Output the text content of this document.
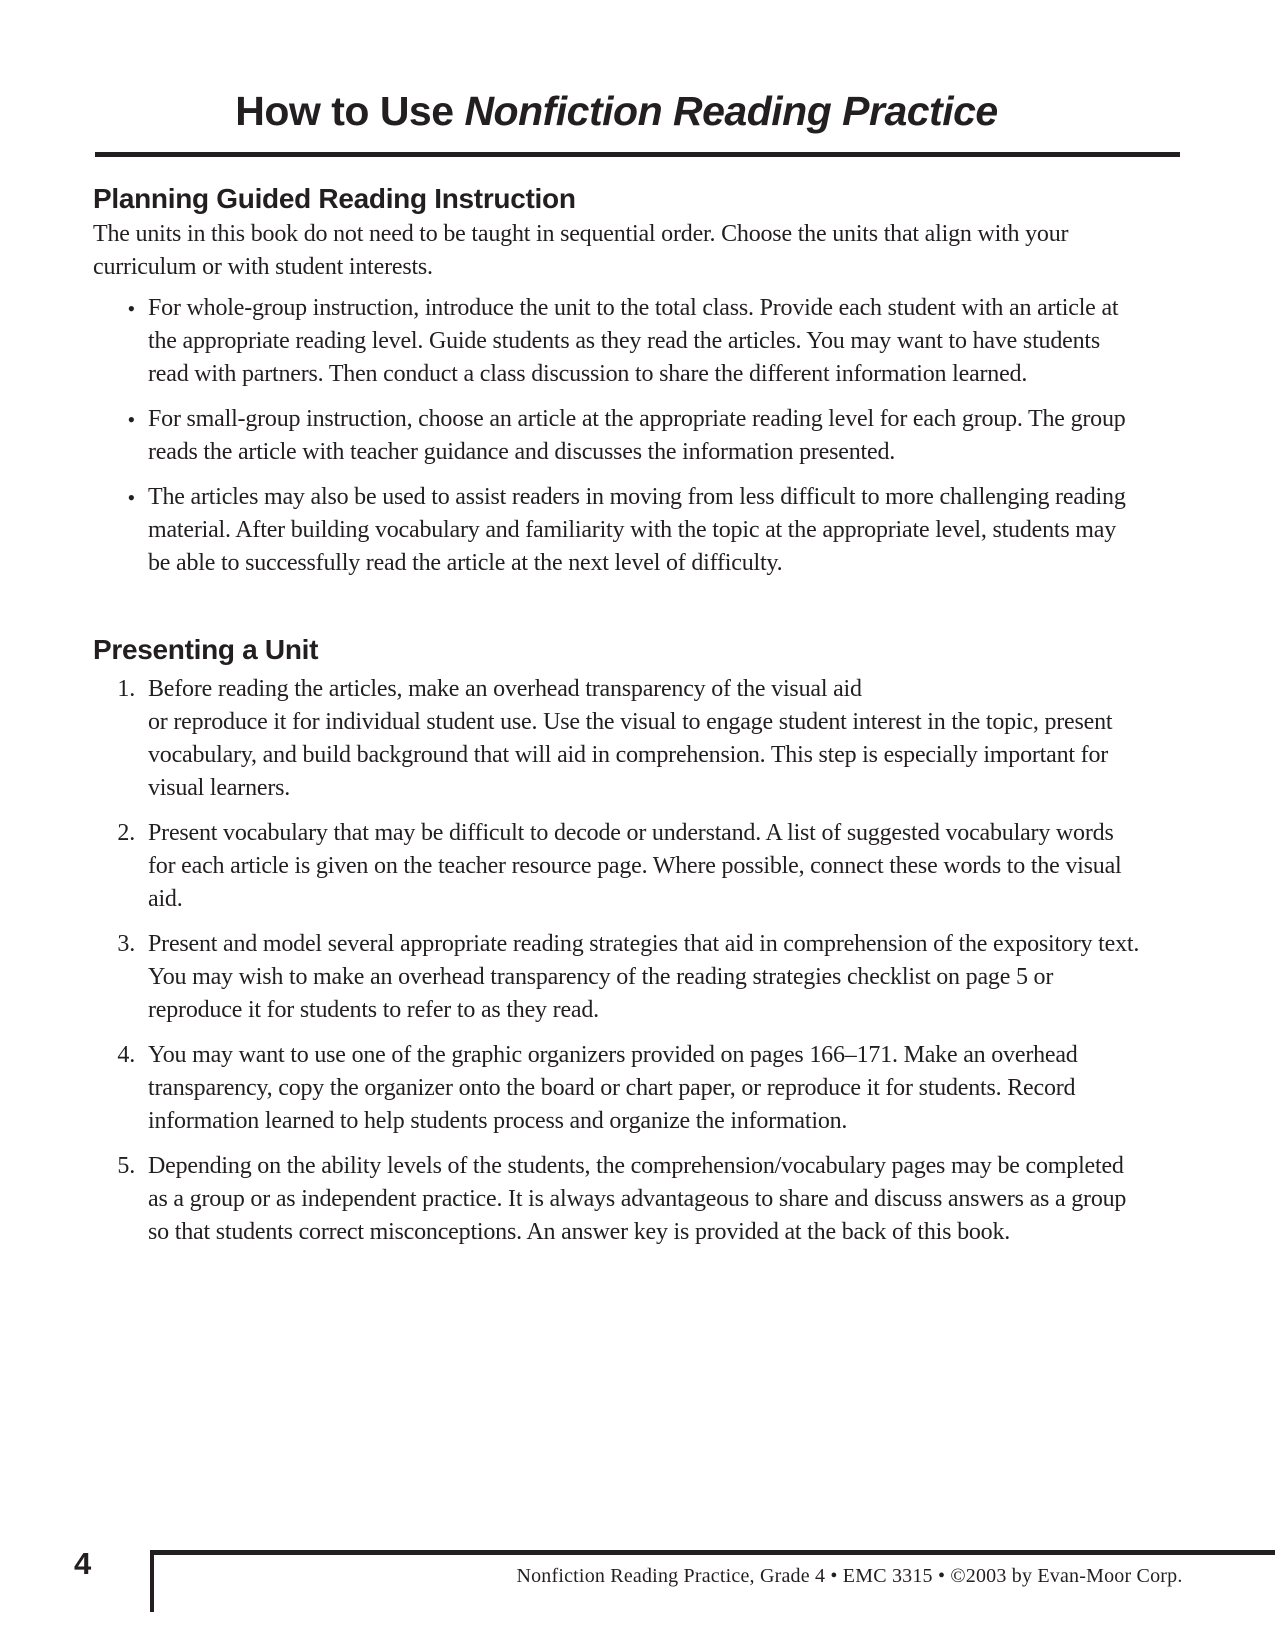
How to Use Nonfiction Reading Practice
Planning Guided Reading Instruction

The units in this book do not need to be taught in sequential order. Choose the units that align with your curriculum or with student interests.

• For whole-group instruction, introduce the unit to the total class. Provide each student with an article at the appropriate reading level. Guide students as they read the articles. You may want to have students read with partners. Then conduct a class discussion to share the different information learned.
• For small-group instruction, choose an article at the appropriate reading level for each group. The group reads the article with teacher guidance and discusses the information presented.
• The articles may also be used to assist readers in moving from less difficult to more challenging reading material. After building vocabulary and familiarity with the topic at the appropriate level, students may be able to successfully read the article at the next level of difficulty.
Presenting a Unit
1. Before reading the articles, make an overhead transparency of the visual aid
or reproduce it for individual student use. Use the visual to engage student interest in the topic, present vocabulary, and build background that will aid in comprehension. This step is especially important for visual learners.
2. Present vocabulary that may be difficult to decode or understand. A list of suggested vocabulary words for each article is given on the teacher resource page. Where possible, connect these words to the visual aid.
3. Present and model several appropriate reading strategies that aid in comprehension of the expository text. You may wish to make an overhead transparency of the reading strategies checklist on page 5 or reproduce it for students to refer to as they read.
4. You may want to use one of the graphic organizers provided on pages 166–171. Make an overhead transparency, copy the organizer onto the board or chart paper, or reproduce it for students. Record information learned to help students process and organize the information.
5. Depending on the ability levels of the students, the comprehension/vocabulary pages may be completed as a group or as independent practice. It is always advantageous to share and discuss answers as a group so that students correct misconceptions. An answer key is provided at the back of this book.
4	Nonfiction Reading Practice, Grade 4 • EMC 3315 • ©2003 by Evan-Moor Corp.
